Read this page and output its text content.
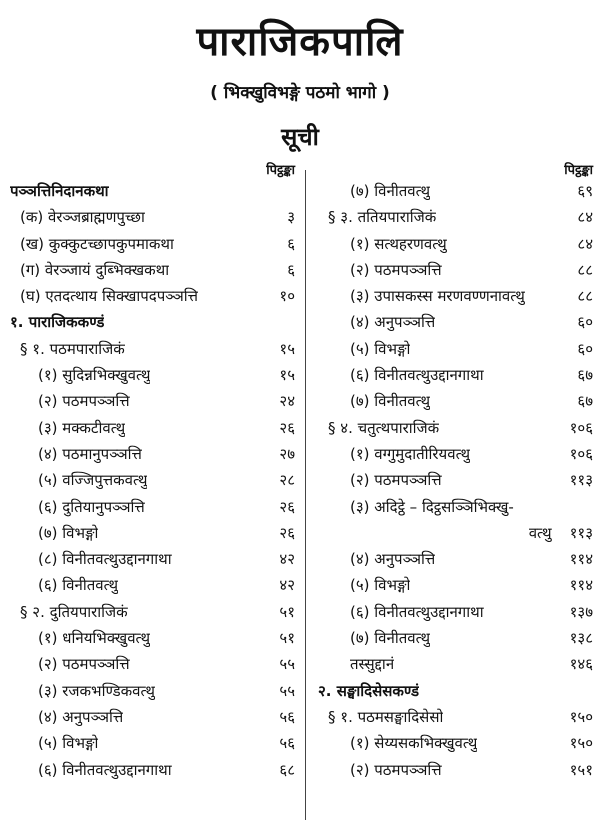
पाराजिकपालि
( भिक्खुविभङ्गे पठमो भागो )
सूची
पिट्ठङ्का
पञ्ञत्तिनिदानकथा
(क) वेरञ्जब्राह्मणपुच्छा	३
(ख) कुक्कुटच्छापकुपमाकथा	६
(ग) वेरञ्जायं दुब्भिक्खकथा	६
(घ) एतदत्थाय सिक्खापदपञ्ञत्ति	१०
१. पाराजिककण्डं
§ १. पठमपाराजिकं	१५
(१) सुदिन्नभिक्खुवत्थु	१५
(२) पठमपञ्ञत्ति	२४
(३) मक्कटीवत्थु	२६
(४) पठमानुपञ्ञत्ति	२७
(५) वज्जिपुत्तकवत्थु	२८
(६) दुतियानुपञ्ञत्ति	२६
(७) विभङ्गो	२६
(८) विनीतवत्थुउद्दानगाथा	४२
(६) विनीतवत्थु	४२
§ २. दुतियपाराजिकं	५१
(१) धनियभिक्खुवत्थु	५१
(२) पठमपञ्ञत्ति	५५
(३) रजकभण्डिकवत्थु	५५
(४) अनुपञ्ञत्ति	५६
(५) विभङ्गो	५६
(६) विनीतवत्थुउद्दानगाथा	६८
पिट्ठङ्का
(७) विनीतवत्थु	६९
§ ३. ततियपाराजिकं	८४
(१) सत्थहरणवत्थु	८४
(२) पठमपञ्ञत्ति	८८
(३) उपासकस्स मरणवण्णनावत्थु	८८
(४) अनुपञ्ञत्ति	६०
(५) विभङ्गो	६०
(६) विनीतवत्थुउद्दानगाथा	६७
(७) विनीतवत्थु	६७
§ ४. चतुत्थपाराजिकं	१०६
(१) वग्गुमुदातीरियवत्थु	१०६
(२) पठमपञ्ञत्ति	११३
(३) अदिट्ठे – दिट्ठसञ्ञिभिक्खु-
वत्थु	११३
(४) अनुपञ्ञत्ति	११४
(५) विभङ्गो	११४
(६) विनीतवत्थुउद्दानगाथा	१३७
(७) विनीतवत्थु	१३८
तस्सुद्दानं	१४६
२. सङ्घादिसेसकण्डं
§ १. पठमसङ्घादिसेसो	१५०
(१) सेय्यसकभिक्खुवत्थु	१५०
(२) पठमपञ्ञत्ति	१५१
